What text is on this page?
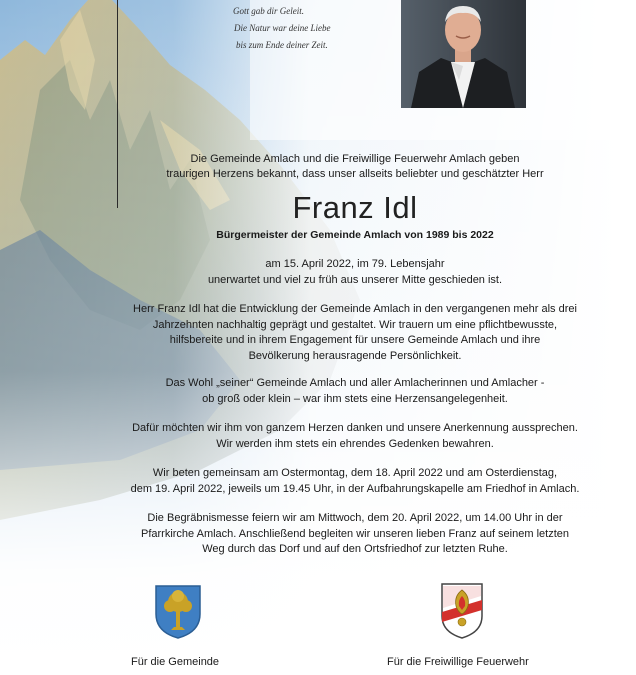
Gott gab dir Geleit.
Die Natur war deine Liebe
bis zum Ende deiner Zeit.
Die Gemeinde Amlach und die Freiwillige Feuerwehr Amlach geben
traurigen Herzens bekannt, dass unser allseits beliebter und geschätzter Herr
Franz Idl
Bürgermeister der Gemeinde Amlach von 1989 bis 2022
am 15. April 2022, im 79. Lebensjahr
unerwartet und viel zu früh aus unserer Mitte geschieden ist.
Herr Franz Idl hat die Entwicklung der Gemeinde Amlach in den vergangenen mehr als drei
Jahrzehnten nachhaltig geprägt und gestaltet. Wir trauern um eine pflichtbewusste,
hilfsbereite und in ihrem Engagement für unsere Gemeinde Amlach und ihre
Bevölkerung herausragende Persönlichkeit.
Das Wohl „seiner“ Gemeinde Amlach und aller Amlacherinnen und Amlacher -
ob groß oder klein – war ihm stets eine Herzensangelegenheit.
Dafür möchten wir ihm von ganzem Herzen danken und unsere Anerkennung aussprechen.
Wir werden ihm stets ein ehrendes Gedenken bewahren.
Wir beten gemeinsam am Ostermontag, dem 18. April 2022 und am Osterdienstag,
dem 19. April 2022, jeweils um 19.45 Uhr, in der Aufbahrungskapelle am Friedhof in Amlach.
Die Begräbnismesse feiern wir am Mittwoch, dem 20. April 2022, um 14.00 Uhr in der
Pfarrkirche Amlach. Anschließend begleiten wir unseren lieben Franz auf seinem letzten
Weg durch das Dorf und auf den Ortsfriedhof zur letzten Ruhe.
Für die Gemeinde	Für die Freiwillige Feuerwehr
